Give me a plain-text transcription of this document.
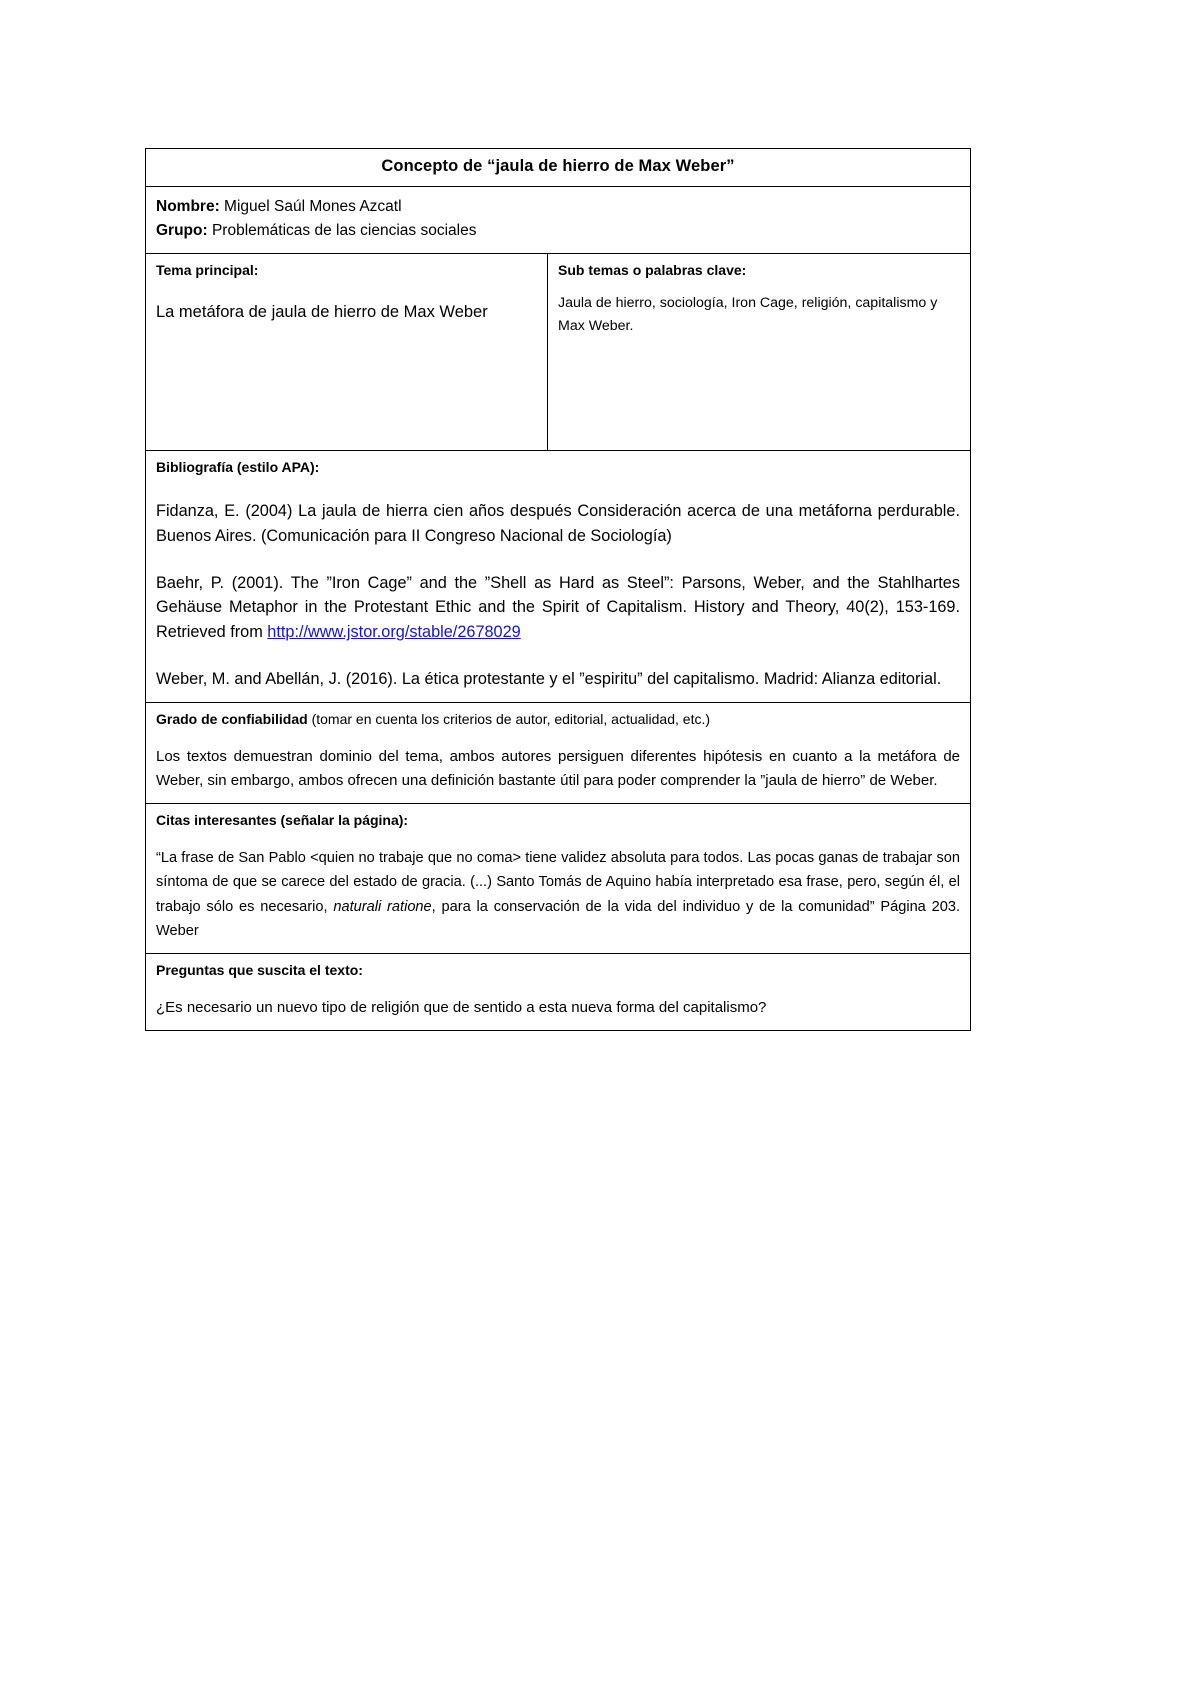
Concepto de “jaula de hierro de Max Weber”

Nombre: Miguel Saúl Mones Azcatl
Grupo: Problemáticas de las ciencias sociales

Tema principal:
La metáfora de jaula de hierro de Max Weber

Sub temas o palabras clave:
Jaula de hierro, sociología, Iron Cage, religión, capitalismo y Max Weber.

Bibliografía (estilo APA):
Fidanza, E. (2004) La jaula de hierra cien años después Consideración acerca de una metáforna perdurable. Buenos Aires. (Comunicación para II Congreso Nacional de Sociología)
Baehr, P. (2001). The ”Iron Cage” and the ”Shell as Hard as Steel”: Parsons, Weber, and the Stahlhartes Gehäuse Metaphor in the Protestant Ethic and the Spirit of Capitalism. History and Theory, 40(2), 153-169. Retrieved from http://www.jstor.org/stable/2678029
Weber, M. and Abellán, J. (2016). La ética protestante y el ”espiritu” del capitalismo. Madrid: Alianza editorial.

Grado de confiabilidad (tomar en cuenta los criterios de autor, editorial, actualidad, etc.)
Los textos demuestran dominio del tema, ambos autores persiguen diferentes hipótesis en cuanto a la metáfora de Weber, sin embargo, ambos ofrecen una definición bastante útil para poder comprender la ”jaula de hierro” de Weber.

Citas interesantes (señalar la página):
“La frase de San Pablo <quien no trabaje que no coma> tiene validez absoluta para todos. Las pocas ganas de trabajar son síntoma de que se carece del estado de gracia. (...) Santo Tomás de Aquino había interpretado esa frase, pero, según él, el trabajo sólo es necesario, naturali ratione, para la conservación de la vida del individuo y de la comunidad” Página 203. Weber

Preguntas que suscita el texto:
¿Es necesario un nuevo tipo de religión que de sentido a esta nueva forma del capitalismo?
